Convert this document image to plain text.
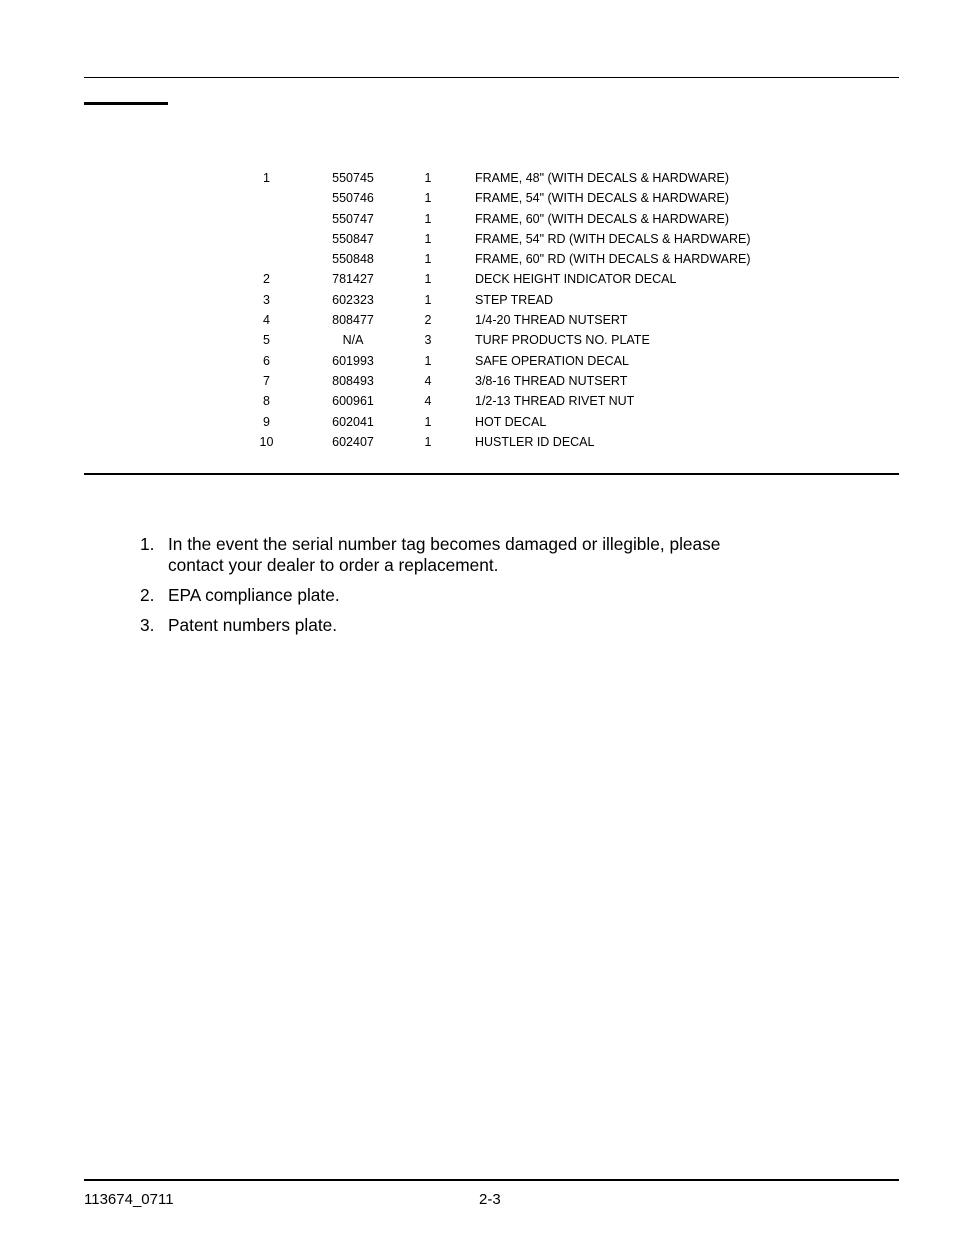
1	550745	1	FRAME, 48" (WITH DECALS & HARDWARE)
	550746	1	FRAME, 54" (WITH DECALS & HARDWARE)
	550747	1	FRAME, 60" (WITH DECALS & HARDWARE)
	550847	1	FRAME, 54" RD (WITH DECALS & HARDWARE)
	550848	1	FRAME, 60" RD (WITH DECALS & HARDWARE)
2	781427	1	DECK HEIGHT INDICATOR DECAL
3	602323	1	STEP TREAD
4	808477	2	1/4-20 THREAD NUTSERT
5	N/A	3	TURF PRODUCTS NO. PLATE
6	601993	1	SAFE OPERATION DECAL
7	808493	4	3/8-16 THREAD NUTSERT
8	600961	4	1/2-13 THREAD RIVET NUT
9	602041	1	HOT DECAL
10	602407	1	HUSTLER ID DECAL
1. In the event the serial number tag becomes damaged or illegible, please contact your dealer to order a replacement.
2. EPA compliance plate.
3. Patent numbers plate.
113674_0711	2-3
